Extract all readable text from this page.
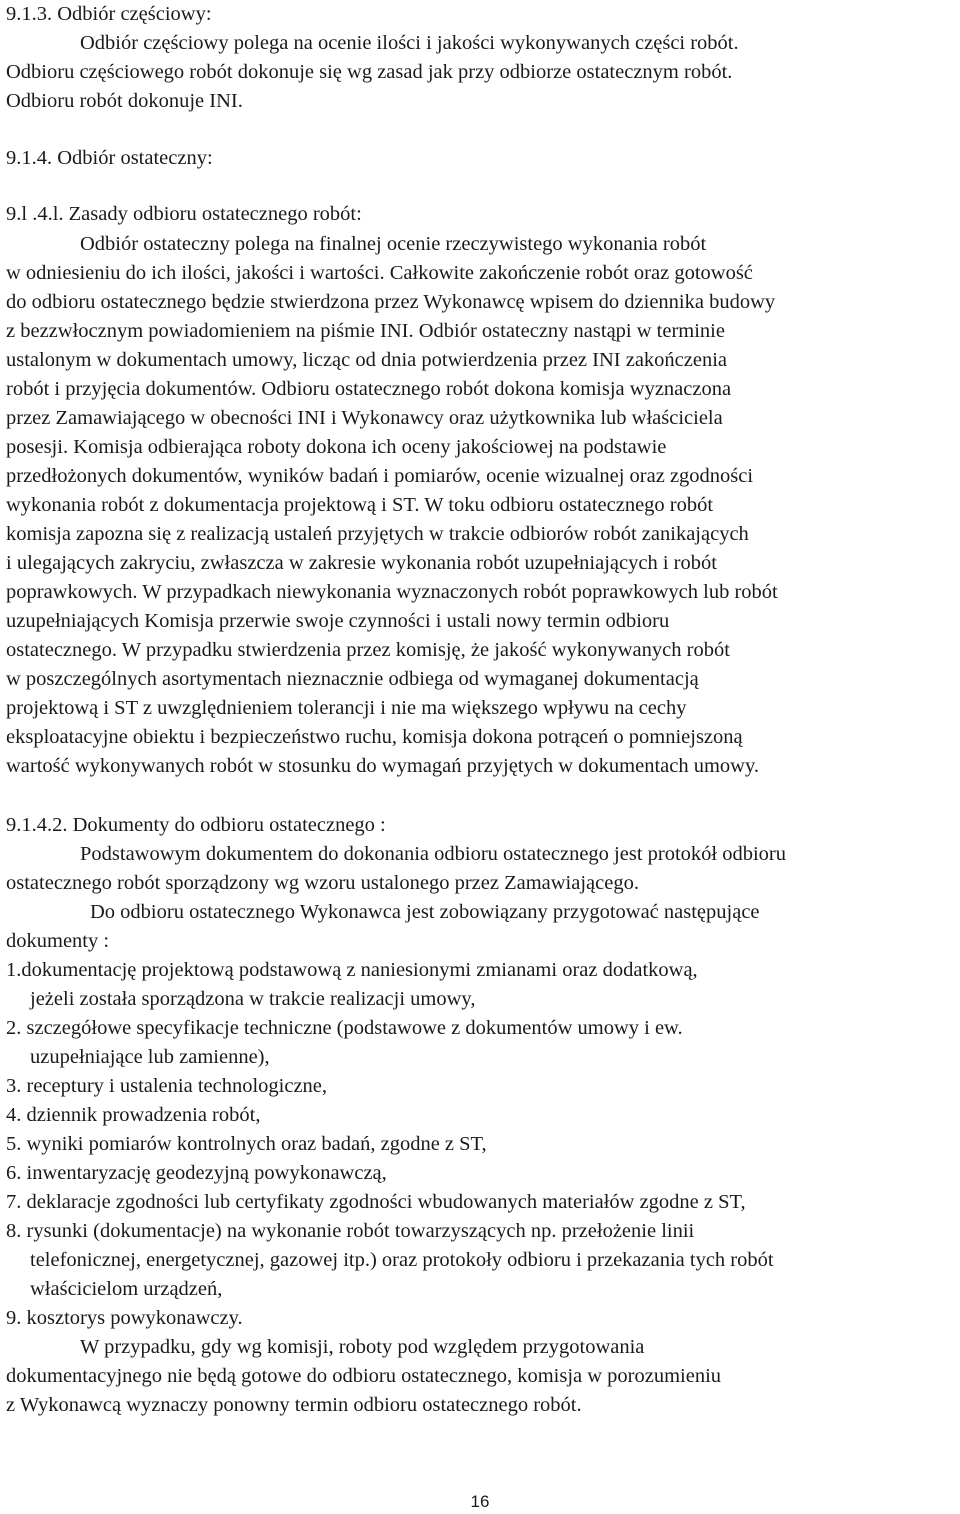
9.1.3. Odbiór częściowy:
Odbiór częściowy polega na ocenie ilości i jakości wykonywanych części robót.
Odbioru częściowego robót dokonuje się wg zasad jak przy odbiorze ostatecznym robót.
Odbioru robót dokonuje INI.
9.1.4. Odbiór ostateczny:
9.l .4.l. Zasady odbioru ostatecznego robót:
Odbiór ostateczny polega na finalnej ocenie rzeczywistego wykonania robót
w odniesieniu do ich ilości, jakości i wartości. Całkowite zakończenie robót oraz gotowość
do odbioru ostatecznego będzie stwierdzona przez Wykonawcę wpisem do dziennika budowy
z bezzwłocznym powiadomieniem na piśmie INI. Odbiór ostateczny nastąpi w terminie
ustalonym w dokumentach umowy, licząc od dnia potwierdzenia przez INI zakończenia
robót i przyjęcia dokumentów. Odbioru ostatecznego robót dokona komisja wyznaczona
przez Zamawiającego w obecności INI i Wykonawcy oraz użytkownika lub właściciela
posesji. Komisja odbierająca roboty dokona ich oceny jakościowej na podstawie
przedłożonych dokumentów, wyników badań i pomiarów, ocenie wizualnej oraz zgodności
wykonania robót z dokumentacja projektową i ST. W toku odbioru ostatecznego robót
komisja zapozna się z realizacją ustaleń przyjętych w trakcie odbiorów robót zanikających
i ulegających zakryciu, zwłaszcza w zakresie wykonania robót uzupełniających i robót
poprawkowych. W przypadkach niewykonania wyznaczonych robót poprawkowych lub robót
uzupełniających Komisja przerwie swoje czynności i ustali nowy termin odbioru
ostatecznego. W przypadku stwierdzenia przez komisję, że jakość wykonywanych robót
w poszczególnych asortymentach nieznacznie odbiega od wymaganej dokumentacją
projektową i ST z uwzględnieniem tolerancji i nie ma większego wpływu na cechy
eksploatacyjne obiektu i bezpieczeństwo ruchu, komisja dokona potrąceń o pomniejszoną
wartość wykonywanych robót w stosunku do wymagań przyjętych w dokumentach umowy.
9.1.4.2. Dokumenty do odbioru ostatecznego :
Podstawowym dokumentem do dokonania odbioru ostatecznego jest protokół odbioru
ostatecznego robót sporządzony wg wzoru ustalonego przez Zamawiającego.
Do odbioru ostatecznego Wykonawca jest zobowiązany przygotować następujące
dokumenty :
1.dokumentację projektową podstawową z naniesionymi zmianami oraz dodatkową,
jeżeli została sporządzona w trakcie realizacji umowy,
2. szczegółowe specyfikacje techniczne (podstawowe z dokumentów umowy i ew.
uzupełniające lub zamienne),
3. receptury i ustalenia technologiczne,
4. dziennik prowadzenia robót,
5. wyniki pomiarów kontrolnych oraz badań, zgodne z ST,
6. inwentaryzację geodezyjną powykonawczą,
7. deklaracje zgodności lub certyfikaty zgodności wbudowanych materiałów zgodne z ST,
8. rysunki (dokumentacje) na wykonanie robót towarzyszących np. przełożenie linii
telefonicznej, energetycznej, gazowej itp.) oraz protokoły odbioru i przekazania tych robót
właścicielom urządzeń,
9. kosztorys powykonawczy.
W przypadku, gdy wg komisji, roboty pod względem przygotowania
dokumentacyjnego nie będą gotowe do odbioru ostatecznego, komisja w porozumieniu
z Wykonawcą wyznaczy ponowny termin odbioru ostatecznego robót.
16
